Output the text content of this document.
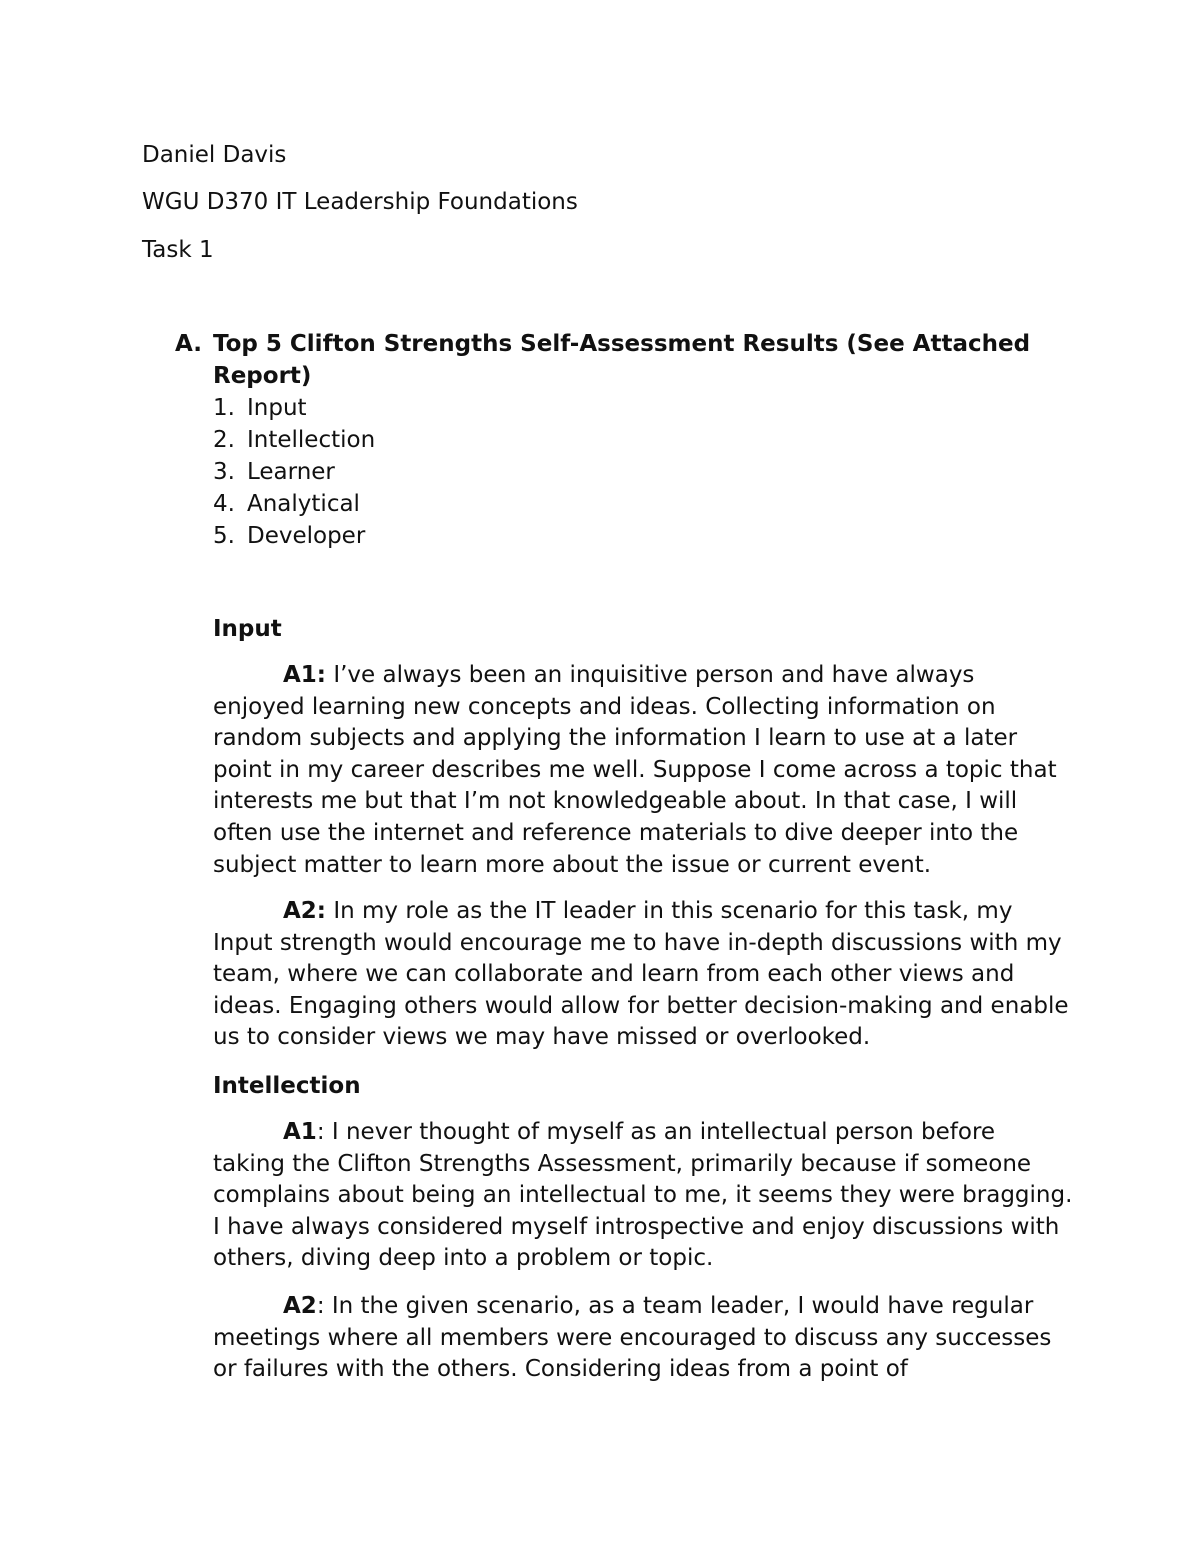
Daniel Davis

WGU D370 IT Leadership Foundations

Task 1

A. Top 5 Clifton Strengths Self-Assessment Results (See Attached Report)

1. Input
2. Intellection
3. Learner
4. Analytical
5. Developer
Input

A1: I’ve always been an inquisitive person and have always enjoyed learning new concepts and ideas. Collecting information on random subjects and applying the information I learn to use at a later point in my career describes me well. Suppose I come across a topic that interests me but that I’m not knowledgeable about. In that case, I will often use the internet and reference materials to dive deeper into the subject matter to learn more about the issue or current event.

A2: In my role as the IT leader in this scenario for this task, my Input strength would encourage me to have in-depth discussions with my team, where we can collaborate and learn from each other views and ideas. Engaging others would allow for better decision-making and enable us to consider views we may have missed or overlooked.

Intellection

A1: I never thought of myself as an intellectual person before taking the Clifton Strengths Assessment, primarily because if someone complains about being an intellectual to me, it seems they were bragging. I have always considered myself introspective and enjoy discussions with others, diving deep into a problem or topic.

A2: In the given scenario, as a team leader, I would have regular meetings where all members were encouraged to discuss any successes or failures with the others. Considering ideas from a point of
